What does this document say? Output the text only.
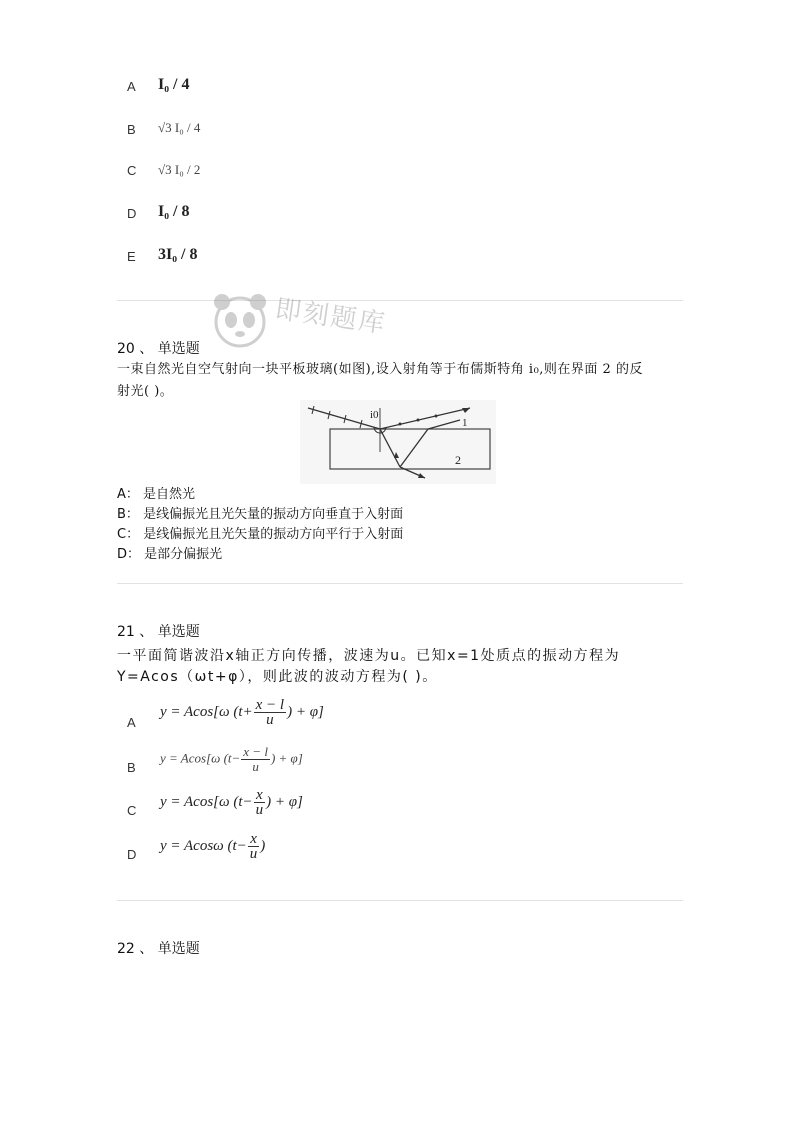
A I₀ / 4
B √3 I₀ / 4
C √3 I₀ / 2
D I₀ / 8
E 3I₀ / 8
即刻题库
20 、 单选题
一束自然光自空气射向一块平板玻璃(如图),设入射角等于布儒斯特角 i₀,则在界面 2 的反
射光( )。
i0
1
2
A： 是自然光
B： 是线偏振光且光矢量的振动方向垂直于入射面
C： 是线偏振光且光矢量的振动方向平行于入射面
D： 是部分偏振光
21 、 单选题
一平面简谐波沿x轴正方向传播，波速为u。已知x=1处质点的振动方程为
Y=Acos（ωt+φ），则此波的波动方程为( )。
A
y = Acos[ω ($t+ \frac{x - l}{u}$ ) + φ]
B
y = Acos[ω ($t- \frac{x - l}{u}$ ) + φ]
C
y = Acos[ω ($t- \frac{x}{u}$ ) + φ]
D
y = Acosω ($t- \frac{x}{u}$ )
22 、 单选题
